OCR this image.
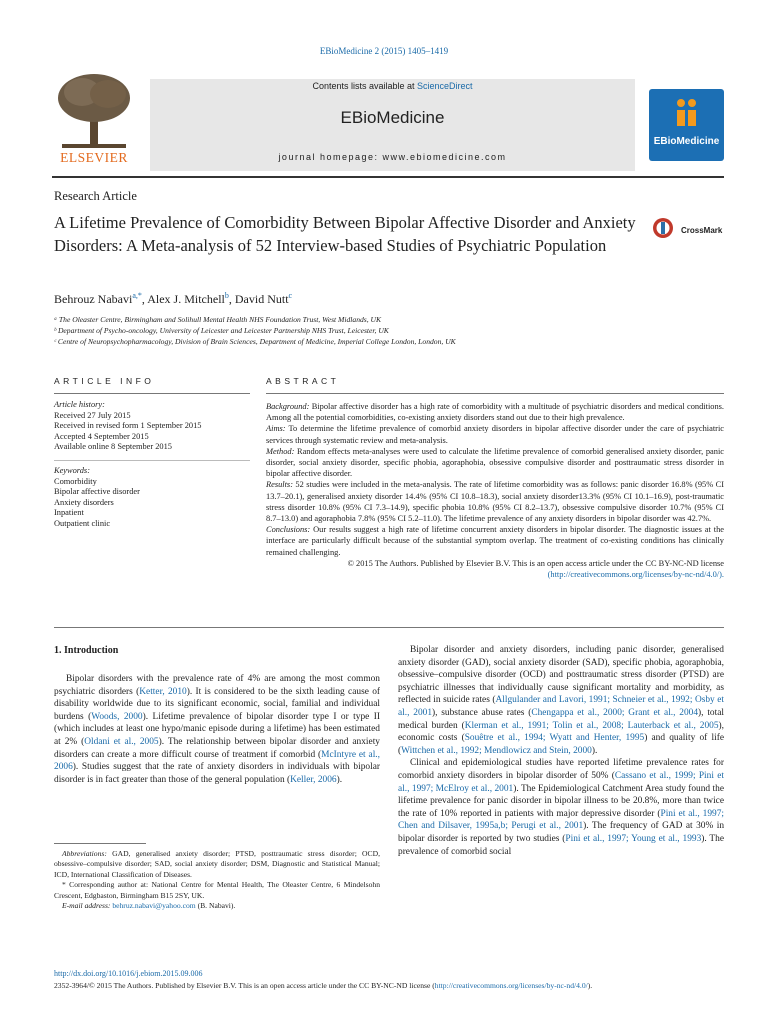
EBioMedicine 2 (2015) 1405–1419
ELSEVIER
Contents lists available at ScienceDirect
EBioMedicine
journal homepage: www.ebiomedicine.com
EBioMedicine
Research Article
A Lifetime Prevalence of Comorbidity Between Bipolar Affective Disorder and Anxiety Disorders: A Meta-analysis of 52 Interview-based Studies of Psychiatric Population
CrossMark
Behrouz Nabavi$^{a,*}$, Alex J. Mitchell$^b$, David Nutt$^c$
ᵃ The Oleaster Centre, Birmingham and Solihull Mental Health NHS Foundation Trust, West Midlands, UK
ᵇ Department of Psycho-oncology, University of Leicester and Leicester Partnership NHS Trust, Leicester, UK
ᶜ Centre of Neuropsychopharmacology, Division of Brain Sciences, Department of Medicine, Imperial College London, London, UK
ARTICLE INFO	ABSTRACT
Article history:
Received 27 July 2015
Received in revised form 1 September 2015
Accepted 4 September 2015
Available online 8 September 2015
Keywords:
Comorbidity
Bipolar affective disorder
Anxiety disorders
Inpatient
Outpatient clinic

Background: Bipolar affective disorder has a high rate of comorbidity with a multitude of psychiatric disorders and medical conditions. Among all the potential comorbidities, co-existing anxiety disorders stand out due to their high prevalence.

Aims: To determine the lifetime prevalence of comorbid anxiety disorders in bipolar affective disorder under the care of psychiatric services through systematic review and meta-analysis.

Method: Random effects meta-analyses were used to calculate the lifetime prevalence of comorbid generalised anxiety disorder, panic disorder, social anxiety disorder, specific phobia, agoraphobia, obsessive compulsive disorder and posttraumatic stress disorder in bipolar affective disorder.

Results: 52 studies were included in the meta-analysis. The rate of lifetime comorbidity was as follows: panic disorder 16.8% (95% CI 13.7–20.1), generalised anxiety disorder 14.4% (95% CI 10.8–18.3), social anxiety disorder13.3% (95% CI 10.1–16.9), post-traumatic stress disorder 10.8% (95% CI 7.3–14.9), specific phobia 10.8% (95% CI 8.2–13.7), obsessive compulsive disorder 10.7% (95% CI 8.7–13.0) and agoraphobia 7.8% (95% CI 5.2–11.0). The lifetime prevalence of any anxiety disorders in bipolar disorder was 42.7%.

Conclusions: Our results suggest a high rate of lifetime concurrent anxiety disorders in bipolar disorder. The diagnostic issues at the interface are particularly difficult because of the substantial symptom overlap. The treatment of co-existing conditions has clinically remained challenging.

© 2015 The Authors. Published by Elsevier B.V. This is an open access article under the CC BY-NC-ND license
(http://creativecommons.org/licenses/by-nc-nd/4.0/).

1. Introduction

Bipolar disorders with the prevalence rate of 4% are among the most common psychiatric disorders (Ketter, 2010). It is considered to be the sixth leading cause of disability worldwide due to its significant economic, social, familial and individual burdens (Woods, 2000). Lifetime prevalence of bipolar disorder type I or type II (which includes at least one hypo/manic episode during a lifetime) has been estimated at 2% (Oldani et al., 2005). The relationship between bipolar disorder and anxiety disorders can create a more difficult course of treatment if comorbid (McIntyre et al., 2006). Studies suggest that the rate of anxiety disorders in individuals with bipolar disorder is in fact greater than those of the general population (Keller, 2006).

Abbreviations: GAD, generalised anxiety disorder; PTSD, posttraumatic stress disorder; OCD, obsessive–compulsive disorder; SAD, social anxiety disorder; DSM, Diagnostic and Statistical Manual; ICD, International Classification of Diseases.

* Corresponding author at: National Centre for Mental Health, The Oleaster Centre, 6 Mindelsohn Crescent, Edgbaston, Birmingham B15 2SY, UK.

E-mail address: behruz.nabavi@yahoo.com (B. Nabavi).

Bipolar disorder and anxiety disorders, including panic disorder, generalised anxiety disorder (GAD), social anxiety disorder (SAD), specific phobia, agoraphobia, obsessive–compulsive disorder (OCD) and posttraumatic stress disorder (PTSD) are psychiatric illnesses that individually cause significant mortality and morbidity, as reflected in suicide rates (Allgulander and Lavori, 1991; Schneier et al., 1992; Osby et al., 2001), substance abuse rates (Chengappa et al., 2000; Grant et al., 2004), total medical burden (Klerman et al., 1991; Tolin et al., 2008; Lauterback et al., 2005), economic costs (Souêtre et al., 1994; Wyatt and Henter, 1995) and quality of life (Wittchen et al., 1992; Mendlowicz and Stein, 2000).

Clinical and epidemiological studies have reported lifetime prevalence rates for comorbid anxiety disorders in bipolar disorder of 50% (Cassano et al., 1999; Pini et al., 1997; McElroy et al., 2001). The Epidemiological Catchment Area study found the lifetime prevalence for panic disorder in bipolar illness to be 20.8%, more than twice the rate of 10% reported in patients with major depressive disorder (Pini et al., 1997; Chen and Dilsaver, 1995a,b; Perugi et al., 2001). The frequency of GAD at 30% in bipolar disorder is reported by two studies (Pini et al., 1997; Young et al., 1993). The prevalence of comorbid social

http://dx.doi.org/10.1016/j.ebiom.2015.09.006
2352-3964/© 2015 The Authors. Published by Elsevier B.V. This is an open access article under the CC BY-NC-ND license (http://creativecommons.org/licenses/by-nc-nd/4.0/).
